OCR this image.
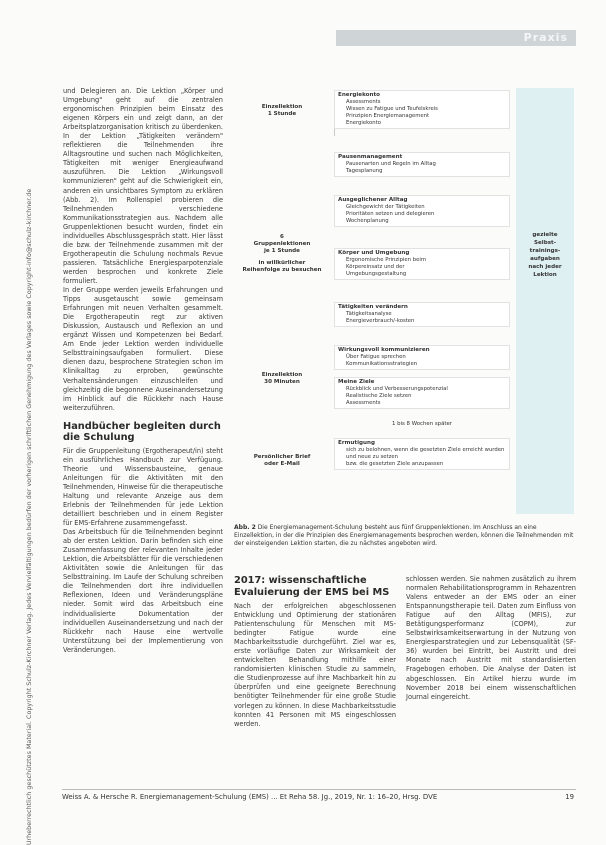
Urheberrechtlich geschütztes Material. Copyright Schulz-Kirchner Verlag. Jedes Vervielfältigungen bedürfen der vorherigen schriftlichen Genehmigung des Verlages sowie Copyright-info@schulz-kirchner.de
Praxis

und Delegieren an. Die Lektion „Körper und Umgebung" geht auf die zentralen ergonomischen Prinzipien beim Einsatz des eigenen Körpers ein und zeigt dann, an der Arbeitsplatzorganisation kritisch zu überdenken. In der Lektion „Tätigkeiten verändern" reflektieren die Teilnehmenden ihre Alltagsroutine und suchen nach Möglichkeiten, Tätigkeiten mit weniger Energieaufwand auszuführen. Die Lektion „Wirkungsvoll kommunizieren" geht auf die Schwierigkeit ein, anderen ein unsichtbares Symptom zu erklären (Abb. 2). Im Rollenspiel probieren die Teilnehmenden verschiedene Kommunikationsstrategien aus. Nachdem alle Gruppenlektionen besucht wurden, findet ein individuelles Abschlussgespräch statt. Hier lässt die bzw. der Teilnehmende zusammen mit der Ergotherapeutin die Schulung nochmals Revue passieren. Tatsächliche Energiesparpotenziale werden besprochen und konkrete Ziele formuliert.

In der Gruppe werden jeweils Erfahrungen und Tipps ausgetauscht sowie gemeinsam Erfahrungen mit neuen Verhalten gesammelt. Die Ergotherapeutin regt zur aktiven Diskussion, Austausch und Reflexion an und ergänzt Wissen und Kompetenzen bei Bedarf. Am Ende jeder Lektion werden individuelle Selbsttrainingsaufgaben formuliert. Diese dienen dazu, besprochene Strategien schon im Klinikalltag zu erproben, gewünschte Verhaltensänderungen einzuschleifen und gleichzeitig die begonnene Auseinandersetzung im Hinblick auf die Rückkehr nach Hause weiterzuführen.

Handbücher begleiten durch die Schulung

Für die Gruppenleitung (Ergotherapeut/in) steht ein ausführliches Handbuch zur Verfügung. Theorie und Wissensbausteine, genaue Anleitungen für die Aktivitäten mit den Teilnehmenden, Hinweise für die therapeutische Haltung und relevante Anzeige aus dem Erlebnis der Teilnehmenden für jede Lektion detailliert beschrieben und in einem Register für EMS-Erfahrene zusammengefasst.

Das Arbeitsbuch für die Teilnehmenden beginnt ab der ersten Lektion. Darin befinden sich eine Zusammenfassung der relevanten Inhalte jeder Lektion, die Arbeitsblätter für die verschiedenen Aktivitäten sowie die Anleitungen für das Selbsttraining. Im Laufe der Schulung schreiben die Teilnehmenden dort ihre individuellen Reflexionen, Ideen und Veränderungspläne nieder. Somit wird das Arbeitsbuch eine individualisierte Dokumentation der individuellen Auseinandersetzung und nach der Rückkehr nach Hause eine wertvolle Unterstützung bei der Implementierung von Veränderungen.

gezielte
Selbst-
trainings-
aufgaben
nach jeder
Lektion
Einzellektion
1 Stunde
6
Gruppenlektionen
je 1 Stunde
in willkürlicher
Reihenfolge zu besuchen
Einzellektion
30 Minuten
Persönlicher Brief
oder E-Mail
Energiekonto
Assessments
Wissen zu Fatigue und Teufelskreis
Prinzipien Energiemanagement
Energiekonto
Pausenmanagement
Pausenarten und Regeln im Alltag
Tagesplanung
Ausgeglichener Alltag
Gleichgewicht der Tätigkeiten
Prioritäten setzen und delegieren
Wochenplanung
Körper und Umgebung
Ergonomische Prinzipien beim
Körpereinsatz und der
Umgebungsgestaltung
Tätigkeiten verändern
Tätigkeitsanalyse
Energieverbrauch/-kosten
Wirkungsvoll kommunizieren
Über Fatigue sprechen
Kommunikationsstrategien
Meine Ziele
Rückblick und Verbesserungspotenzial
Realistische Ziele setzen
Assessments
1 bis 8 Wochen später
Ermutigung
sich zu belohnen, wenn die gesetzten Ziele erreicht wurden
und neue zu setzen
bzw. die gesetzten Ziele anzupassen
Abb. 2 Die Energiemanagement-Schulung besteht aus fünf Gruppenlektionen. Im Anschluss an eine Einzellektion, in der die Prinzipien des Energiemanagements besprochen werden, können die Teilnehmenden mit der einsteigenden Lektion starten, die zu nächstes angeboten wird.
2017: wissenschaftliche Evaluierung der EMS bei MS

Nach der erfolgreichen abgeschlossenen Entwicklung und Optimierung der stationären Patientenschulung für Menschen mit MS-bedingter Fatigue wurde eine Machbarkeitsstudie durchgeführt. Ziel war es, erste vorläufige Daten zur Wirksamkeit der entwickelten Behandlung mithilfe einer randomisierten klinischen Studie zu sammeln, die Studienprozesse auf ihre Machbarkeit hin zu überprüfen und eine geeignete Berechnung benötigter Teilnehmender für eine große Studie vorlegen zu können. In diese Machbarkeitsstudie konnten 41 Personen mit MS eingeschlossen werden.

schlossen werden. Sie nahmen zusätzlich zu ihrem normalen Rehabilitationsprogramm in Rehazentren Valens entweder an der EMS oder an einer Entspannungstherapie teil. Daten zum Einfluss von Fatigue auf den Alltag (MFIS), zur Betätigungsperformanz (COPM), zur Selbstwirksamkeitserwartung in der Nutzung von Energiesparstrategien und zur Lebensqualität (SF-36) wurden bei Eintritt, bei Austritt und drei Monate nach Austritt mit standardisierten Fragebogen erhoben. Die Analyse der Daten ist abgeschlossen. Ein Artikel hierzu wurde im November 2018 bei einem wissenschaftlichen Journal eingereicht.

Weiss A. & Hersche R. Energiemanagement-Schulung (EMS) ... Et Reha 58. Jg., 2019, Nr. 1: 16–20, Hrsg. DVE	19
